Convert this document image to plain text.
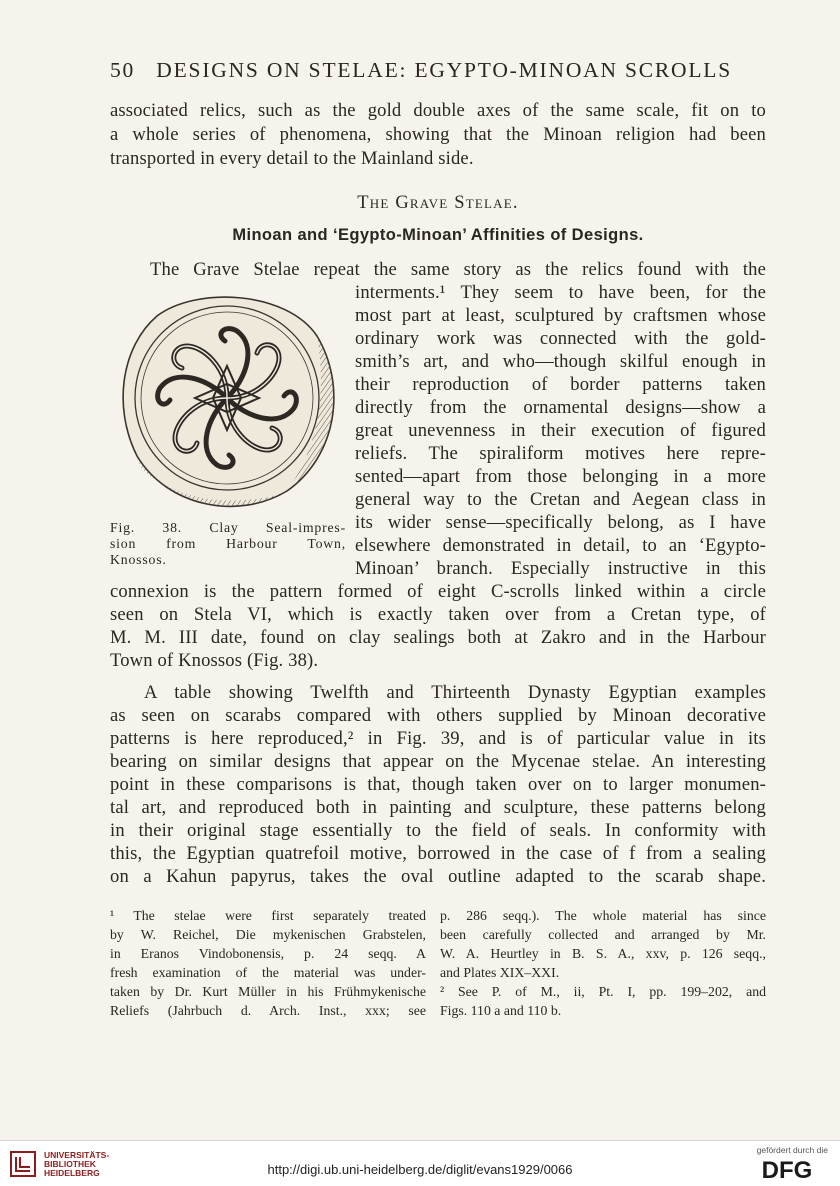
50 DESIGNS ON STELAE: EGYPTO-MINOAN SCROLLS
associated relics, such as the gold double axes of the same scale, fit on to
a whole series of phenomena, showing that the Minoan religion had been
transported in every detail to the Mainland side.
The Grave Stelae.
Minoan and ‘Egypto-Minoan’ Affinities of Designs.
The Grave Stelae repeat the same story as the relics found with the
interments.¹ They seem to have been, for the
most part at least, sculptured by craftsmen whose
ordinary work was connected with the gold-
smith’s art, and who—though skilful enough in
their reproduction of border patterns taken
directly from the ornamental designs—show a
great unevenness in their execution of figured
reliefs. The spiraliform motives here repre-
sented—apart from those belonging in a more
general way to the Cretan and Aegean class in
its wider sense—specifically belong, as I have
elsewhere demonstrated in detail, to an ‘Egypto-
Minoan’ branch. Especially instructive in this
connexion is the pattern formed of eight C-scrolls linked within a circle
seen on Stela VI, which is exactly taken over from a Cretan type, of
M. M. III date, found on clay sealings both at Zakro and in the Harbour
Town of Knossos (Fig. 38).
Fig. 38. Clay Seal-impres-
sion from Harbour Town,
Knossos.
A table showing Twelfth and Thirteenth Dynasty Egyptian examples
as seen on scarabs compared with others supplied by Minoan decorative
patterns is here reproduced,² in Fig. 39, and is of particular value in its
bearing on similar designs that appear on the Mycenae stelae. An interesting
point in these comparisons is that, though taken over on to larger monumen-
tal art, and reproduced both in painting and sculpture, these patterns belong
in their original stage essentially to the field of seals. In conformity with
this, the Egyptian quatrefoil motive, borrowed in the case of f from a sealing
on a Kahun papyrus, takes the oval outline adapted to the scarab shape.
¹ The stelae were first separately treated
by W. Reichel, Die mykenischen Grabstelen,
in Eranos Vindobonensis, p. 24 seqq. A
fresh examination of the material was under-
taken by Dr. Kurt Müller in his Frühmykenische
Reliefs (Jahrbuch d. Arch. Inst., xxx; see
p. 286 seqq.). The whole material has since
been carefully collected and arranged by Mr.
W. A. Heurtley in B. S. A., xxv, p. 126 seqq.,
and Plates XIX–XXI.
² See P. of M., ii, Pt. I, pp. 199–202, and
Figs. 110 a and 110 b.
UNIVERSITÄTS-
BIBLIOTHEK
HEIDELBERG	http://digi.ub.uni-heidelberg.de/diglit/evans1929/0066
gefördert durch die
DFG
